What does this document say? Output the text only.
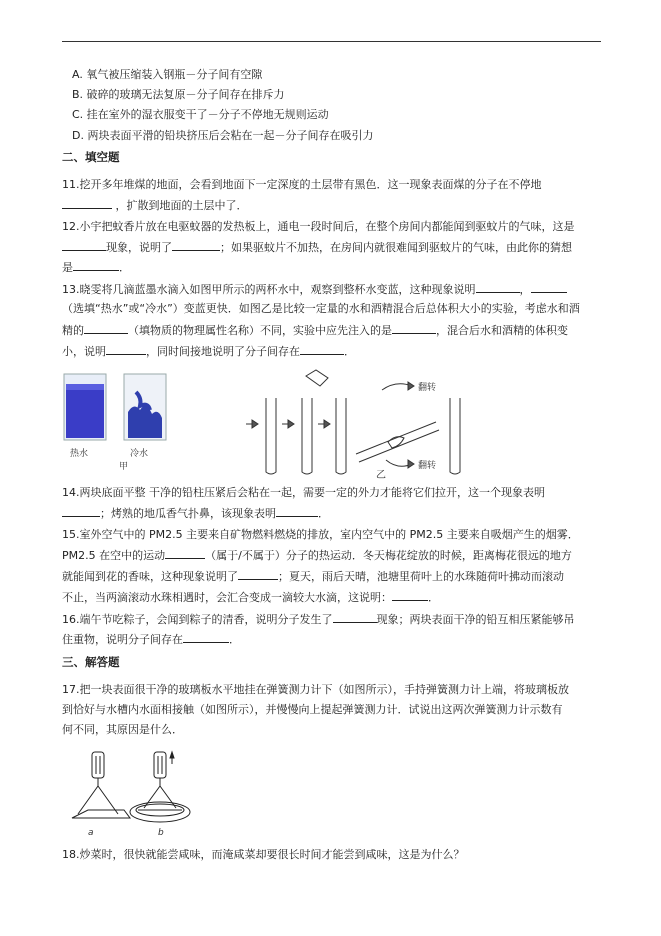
A. 氧气被压缩装入钢瓶－分子间有空隙
B. 破碎的玻璃无法复原－分子间存在排斥力
C. 挂在室外的湿衣服变干了－分子不停地无规则运动
D. 两块表面平滑的铅块挤压后会粘在一起－分子间存在吸引力
二、填空题
11.挖开多年堆煤的地面，会看到地面下一定深度的土层带有黑色．这一现象表面煤的分子在不停地
，扩散到地面的土层中了．
12.小宇把蚊香片放在电驱蚊器的发热板上，通电一段时间后，在整个房间内都能闻到驱蚊片的气味，这是
现象，说明了	；如果驱蚊片不加热，在房间内就很难闻到驱蚊片的气味，由此你的猜想
是	．
13.晓雯将几滴蓝墨水滴入如图甲所示的两杯水中，观察到整杯水变蓝，这种现象说明	，
（选填“热水”或“冷水”）变蓝更快．如图乙是比较一定量的水和酒精混合后总体积大小的实验，考虑水和酒
精的	（填物质的物理属性名称）不同，实验中应先注入的是	，混合后水和酒精的体积变
小，说明	，同时间接地说明了分子间存在	．
热水	冷水
甲
翻转
翻转
乙
14.两块底面平整 干净的铅柱压紧后会粘在一起，需要一定的外力才能将它们拉开，这一个现象表明
；烤熟的地瓜香气扑鼻，该现象表明	．
15.室外空气中的 PM2.5 主要来自矿物燃料燃烧的排放，室内空气中的 PM2.5 主要来自吸烟产生的烟雾．
PM2.5 在空中的运动	（属于/不属于）分子的热运动．冬天梅花绽放的时候，距离梅花很远的地方
就能闻到花的香味，这种现象说明了	；夏天，雨后天晴，池塘里荷叶上的水珠随荷叶拂动而滚动
不止，当两滴滚动水珠相遇时，会汇合变成一滴较大水滴，这说明：	．
16.端午节吃粽子，会闻到粽子的清香，说明分子发生了	现象；两块表面干净的铅互相压紧能够吊
住重物，说明分子间存在	．
三、解答题
17.把一块表面很干净的玻璃板水平地挂在弹簧测力计下（如图所示），手持弹簧测力计上端，将玻璃板放
到恰好与水槽内水面相接触（如图所示），并慢慢向上提起弹簧测力计．试说出这两次弹簧测力计示数有
何不同，其原因是什么．
a	b
18.炒菜时，很快就能尝咸味，而淹咸菜却要很长时间才能尝到咸味，这是为什么？
